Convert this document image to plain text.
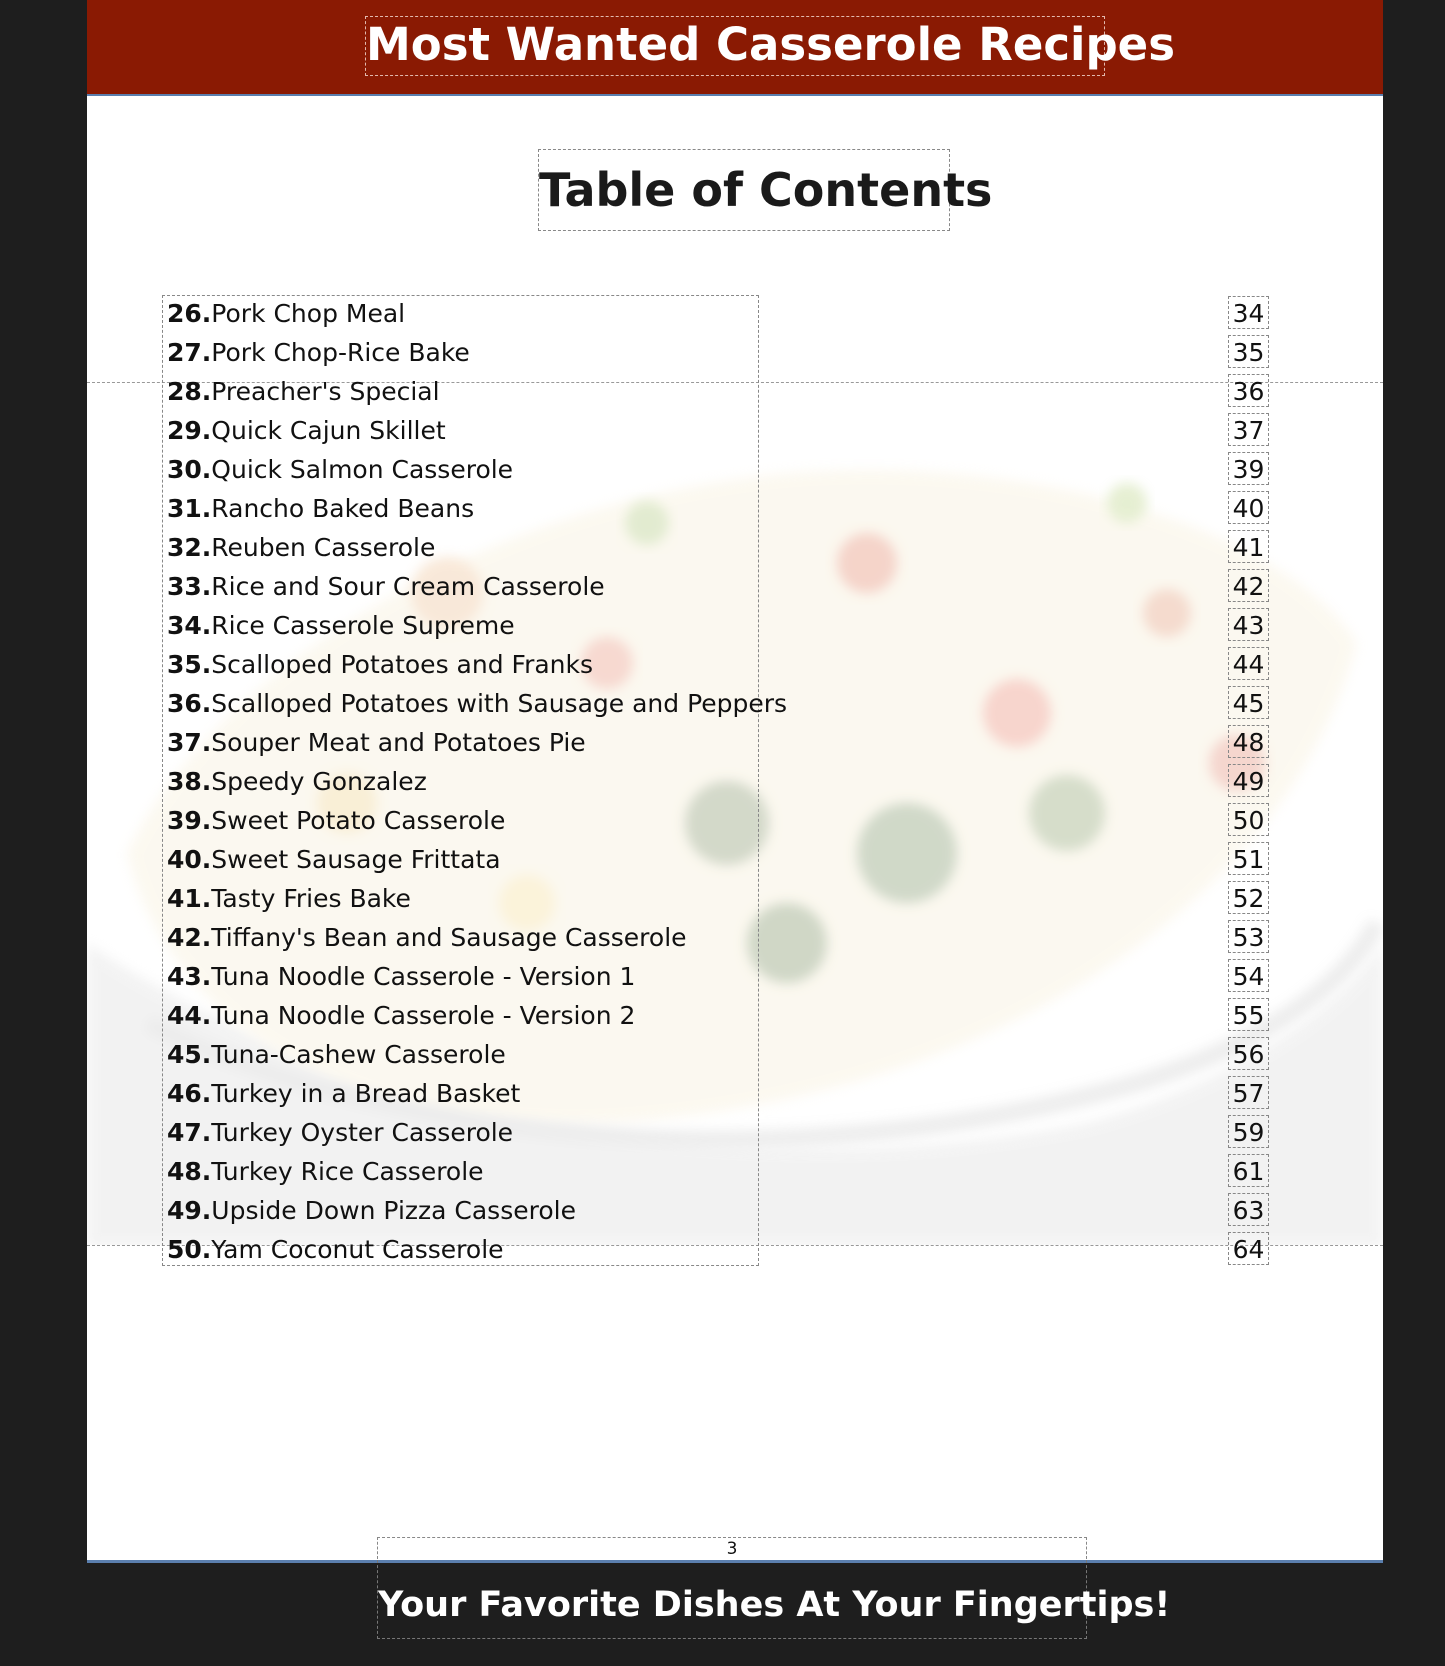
Most Wanted Casserole Recipes
Table of Contents
26.Pork Chop Meal
27.Pork Chop-Rice Bake
28.Preacher's Special
29.Quick Cajun Skillet
30.Quick Salmon Casserole
31.Rancho Baked Beans
32.Reuben Casserole
33.Rice and Sour Cream Casserole
34.Rice Casserole Supreme
35.Scalloped Potatoes and Franks
36.Scalloped Potatoes with Sausage and Peppers
37.Souper Meat and Potatoes Pie
38.Speedy Gonzalez
39.Sweet Potato Casserole
40.Sweet Sausage Frittata
41.Tasty Fries Bake
42.Tiffany's Bean and Sausage Casserole
43.Tuna Noodle Casserole - Version 1
44.Tuna Noodle Casserole - Version 2
45.Tuna-Cashew Casserole
46.Turkey in a Bread Basket
47.Turkey Oyster Casserole
48.Turkey Rice Casserole
49.Upside Down Pizza Casserole
50.Yam Coconut Casserole
34
35
36
37
39
40
41
42
43
44
45
48
49
50
51
52
53
54
55
56
57
59
61
63
64
3
Your Favorite Dishes At Your Fingertips!
